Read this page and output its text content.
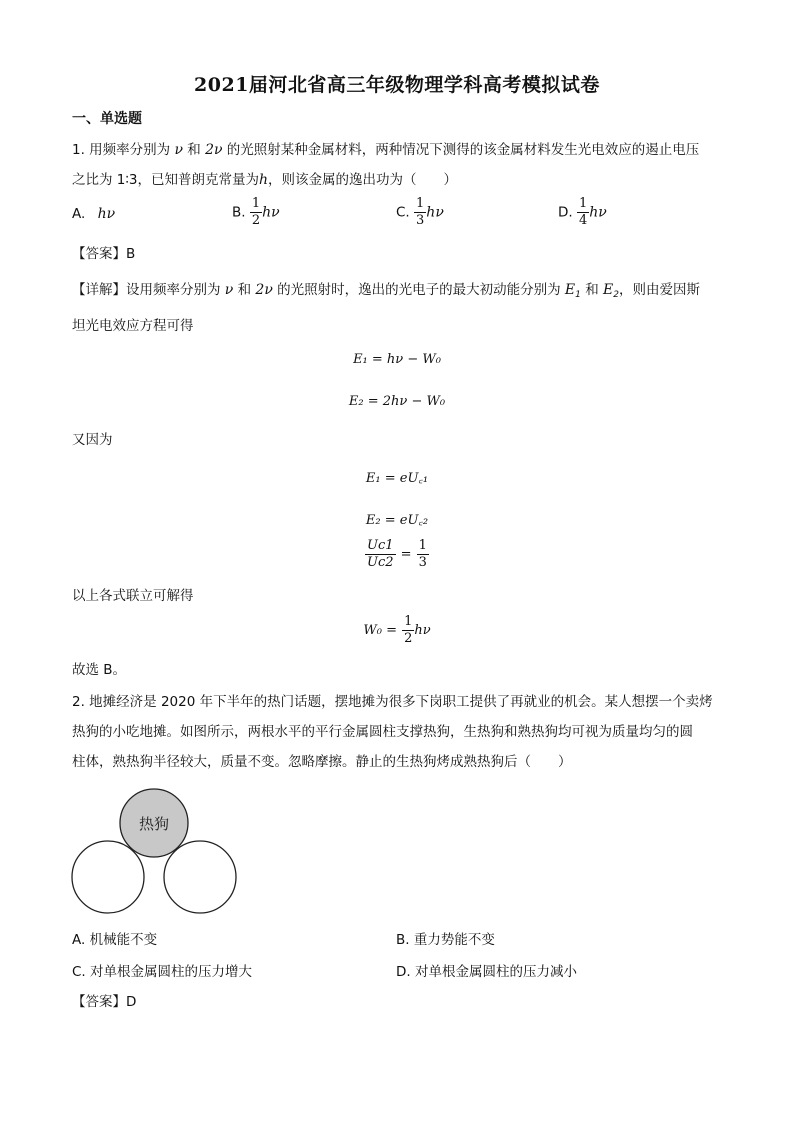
2021届河北省高三年级物理学科高考模拟试卷
一、单选题
1. 用频率分别为 ν 和 2ν 的光照射某种金属材料，两种情况下测得的该金属材料发生光电效应的遏止电压
之比为 1∶3，已知普朗克常量为h，则该金属的逸出功为（　　）
A. hν	B. $\frac{1}{2}$ hν	C. $\frac{1}{3}$ hν	D. $\frac{1}{4}$ hν
【答案】B
【详解】设用频率分别为 ν 和 2ν 的光照射时，逸出的光电子的最大初动能分别为 $E_1$ 和 $E_2$，则由爱因斯
坦光电效应方程可得
E₁ = hν − W₀
E₂ = 2hν − W₀
又因为
E₁ = eU꜀₁
E₂ = eU꜀₂
$\frac{Uc1}{Uc2} = \frac{1}{3}$
以上各式联立可解得
$W_0 = \frac{1}{2}$ hν
故选 B。
2. 地摊经济是 2020 年下半年的热门话题，摆地摊为很多下岗职工提供了再就业的机会。某人想摆一个卖烤
热狗的小吃地摊。如图所示，两根水平的平行金属圆柱支撑热狗，生热狗和熟热狗均可视为质量均匀的圆
柱体，熟热狗半径较大，质量不变。忽略摩擦。静止的生热狗烤成熟热狗后（　　）
热狗
A. 机械能不变	B. 重力势能不变
C. 对单根金属圆柱的压力增大	D. 对单根金属圆柱的压力减小
【答案】D
